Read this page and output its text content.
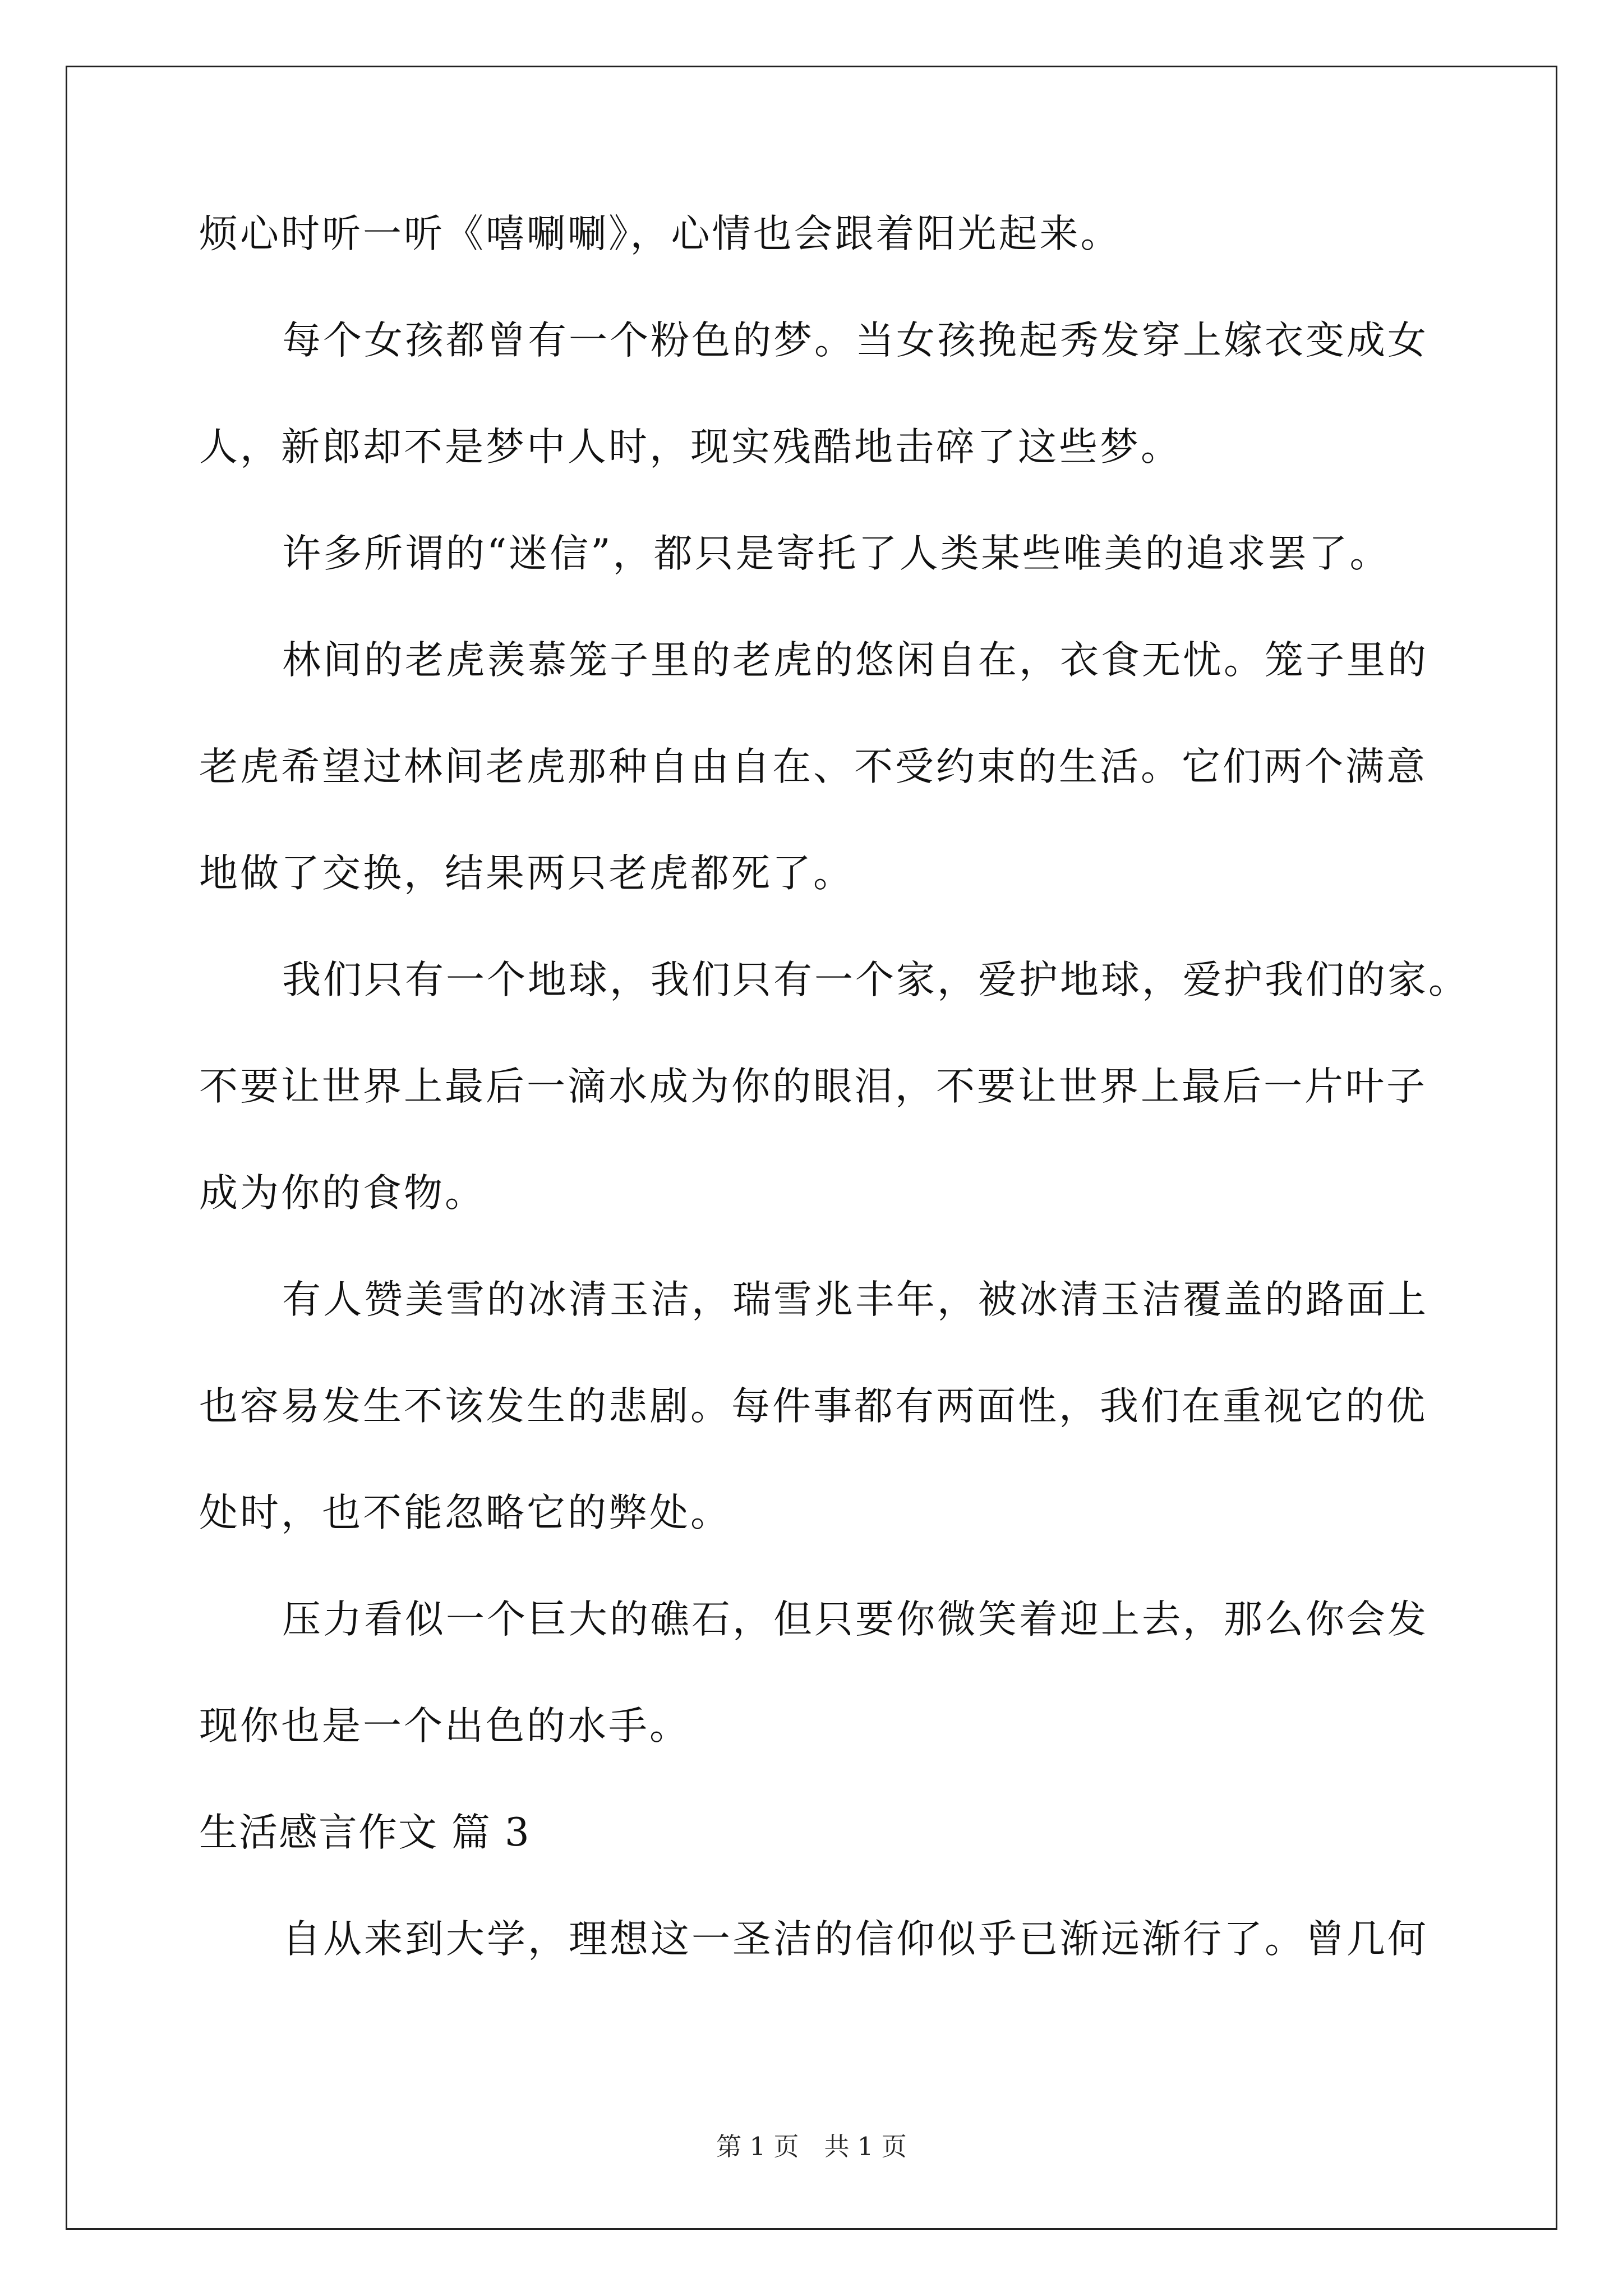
烦心时听一听《嘻唰唰》，心情也会跟着阳光起来。
每个女孩都曾有一个粉色的梦。当女孩挽起秀发穿上嫁衣变成女
人，新郎却不是梦中人时，现实残酷地击碎了这些梦。
许多所谓的“迷信”，都只是寄托了人类某些唯美的追求罢了。
林间的老虎羡慕笼子里的老虎的悠闲自在，衣食无忧。笼子里的
老虎希望过林间老虎那种自由自在、不受约束的生活。它们两个满意
地做了交换，结果两只老虎都死了。
我们只有一个地球，我们只有一个家，爱护地球，爱护我们的家。
不要让世界上最后一滴水成为你的眼泪，不要让世界上最后一片叶子
成为你的食物。
有人赞美雪的冰清玉洁，瑞雪兆丰年，被冰清玉洁覆盖的路面上
也容易发生不该发生的悲剧。每件事都有两面性，我们在重视它的优
处时，也不能忽略它的弊处。
压力看似一个巨大的礁石，但只要你微笑着迎上去，那么你会发
现你也是一个出色的水手。
生活感言作文 篇 3
自从来到大学，理想这一圣洁的信仰似乎已渐远渐行了。曾几何
第 1 页　共 1 页
